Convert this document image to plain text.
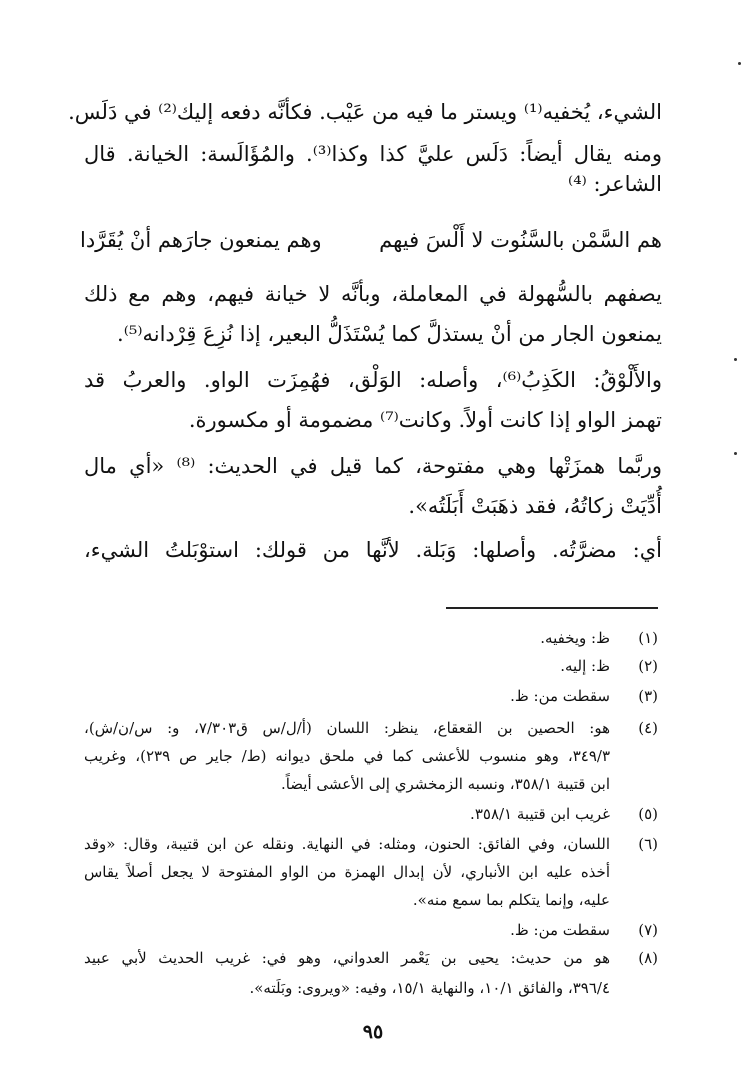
الشيء، يُخفيه⁽¹⁾ ويستر ما فيه من عَيْب. فكأنَّه دفعه إليك⁽²⁾ في دَلَس.
ومنه يقال أيضاً: دَلَس عليَّ كذا وكذا⁽³⁾. والمُؤَالَسة: الخيانة. قال
الشاعر: ⁽⁴⁾
هم السَّمْن بالسَّنُوت لا أَلْسَ فيهم
وهم يمنعون جارَهم أنْ يُقَرَّدا
يصفهم بالسُّهولة في المعاملة، وبأنَّه لا خيانة فيهم، وهم مع ذلك
يمنعون الجار من أنْ يستذلَّ كما يُسْتَذَلُّ البعير، إذا نُزِعَ قِرْدانه⁽⁵⁾.
والأَلْوْقُ: الكَذِبُ⁽⁶⁾، وأصله: الوَلْق، فهُمِزَت الواو. والعربُ قد
تهمز الواو إذا كانت أولاً. وكانت⁽⁷⁾ مضمومة أو مكسورة.
وربَّما همزَتْها وهي مفتوحة، كما قيل في الحديث: ⁽⁸⁾ «أي مال
أُدِّيَتْ زكاتُهُ، فقد ذهَبَتْ أَبَلَتُه».
أي: مضرَّتُه. وأصلها: وَبَلة. لأنَّها من قولك: استوْبَلتُ الشيء،
(١)
ظ: ويخفيه.
(٢)
ظ: إليه.
(٣)
سقطت من: ظ.
(٤)
هو: الحصين بن القعقاع، ينظر: اللسان (أ/ل/س ق٧/٣٠٣، و: س/ن/ش)،
٣٤٩/٣، وهو منسوب للأعشى كما في ملحق ديوانه (ط/ جاير ص ٢٣٩)، وغريب
ابن قتيبة ٣٥٨/١، ونسبه الزمخشري إلى الأعشى أيضاً.
(٥)
غريب ابن قتيبة ٣٥٨/١.
(٦)
اللسان، وفي الفائق: الحنون، ومثله: في النهاية. ونقله عن ابن قتيبة، وقال: «وقد
أخذه عليه ابن الأنباري، لأن إبدال الهمزة من الواو المفتوحة لا يجعل أصلاً يقاس
عليه، وإنما يتكلم بما سمع منه».
(٧)
سقطت من: ظ.
(٨)
هو من حديث: يحيى بن يَعْمر العدواني، وهو في: غريب الحديث لأبي عبيد
٣٩٦/٤، والفائق ١٠/١، والنهاية ١٥/١، وفيه: «ويروى: وبَلَته».
٩٥
